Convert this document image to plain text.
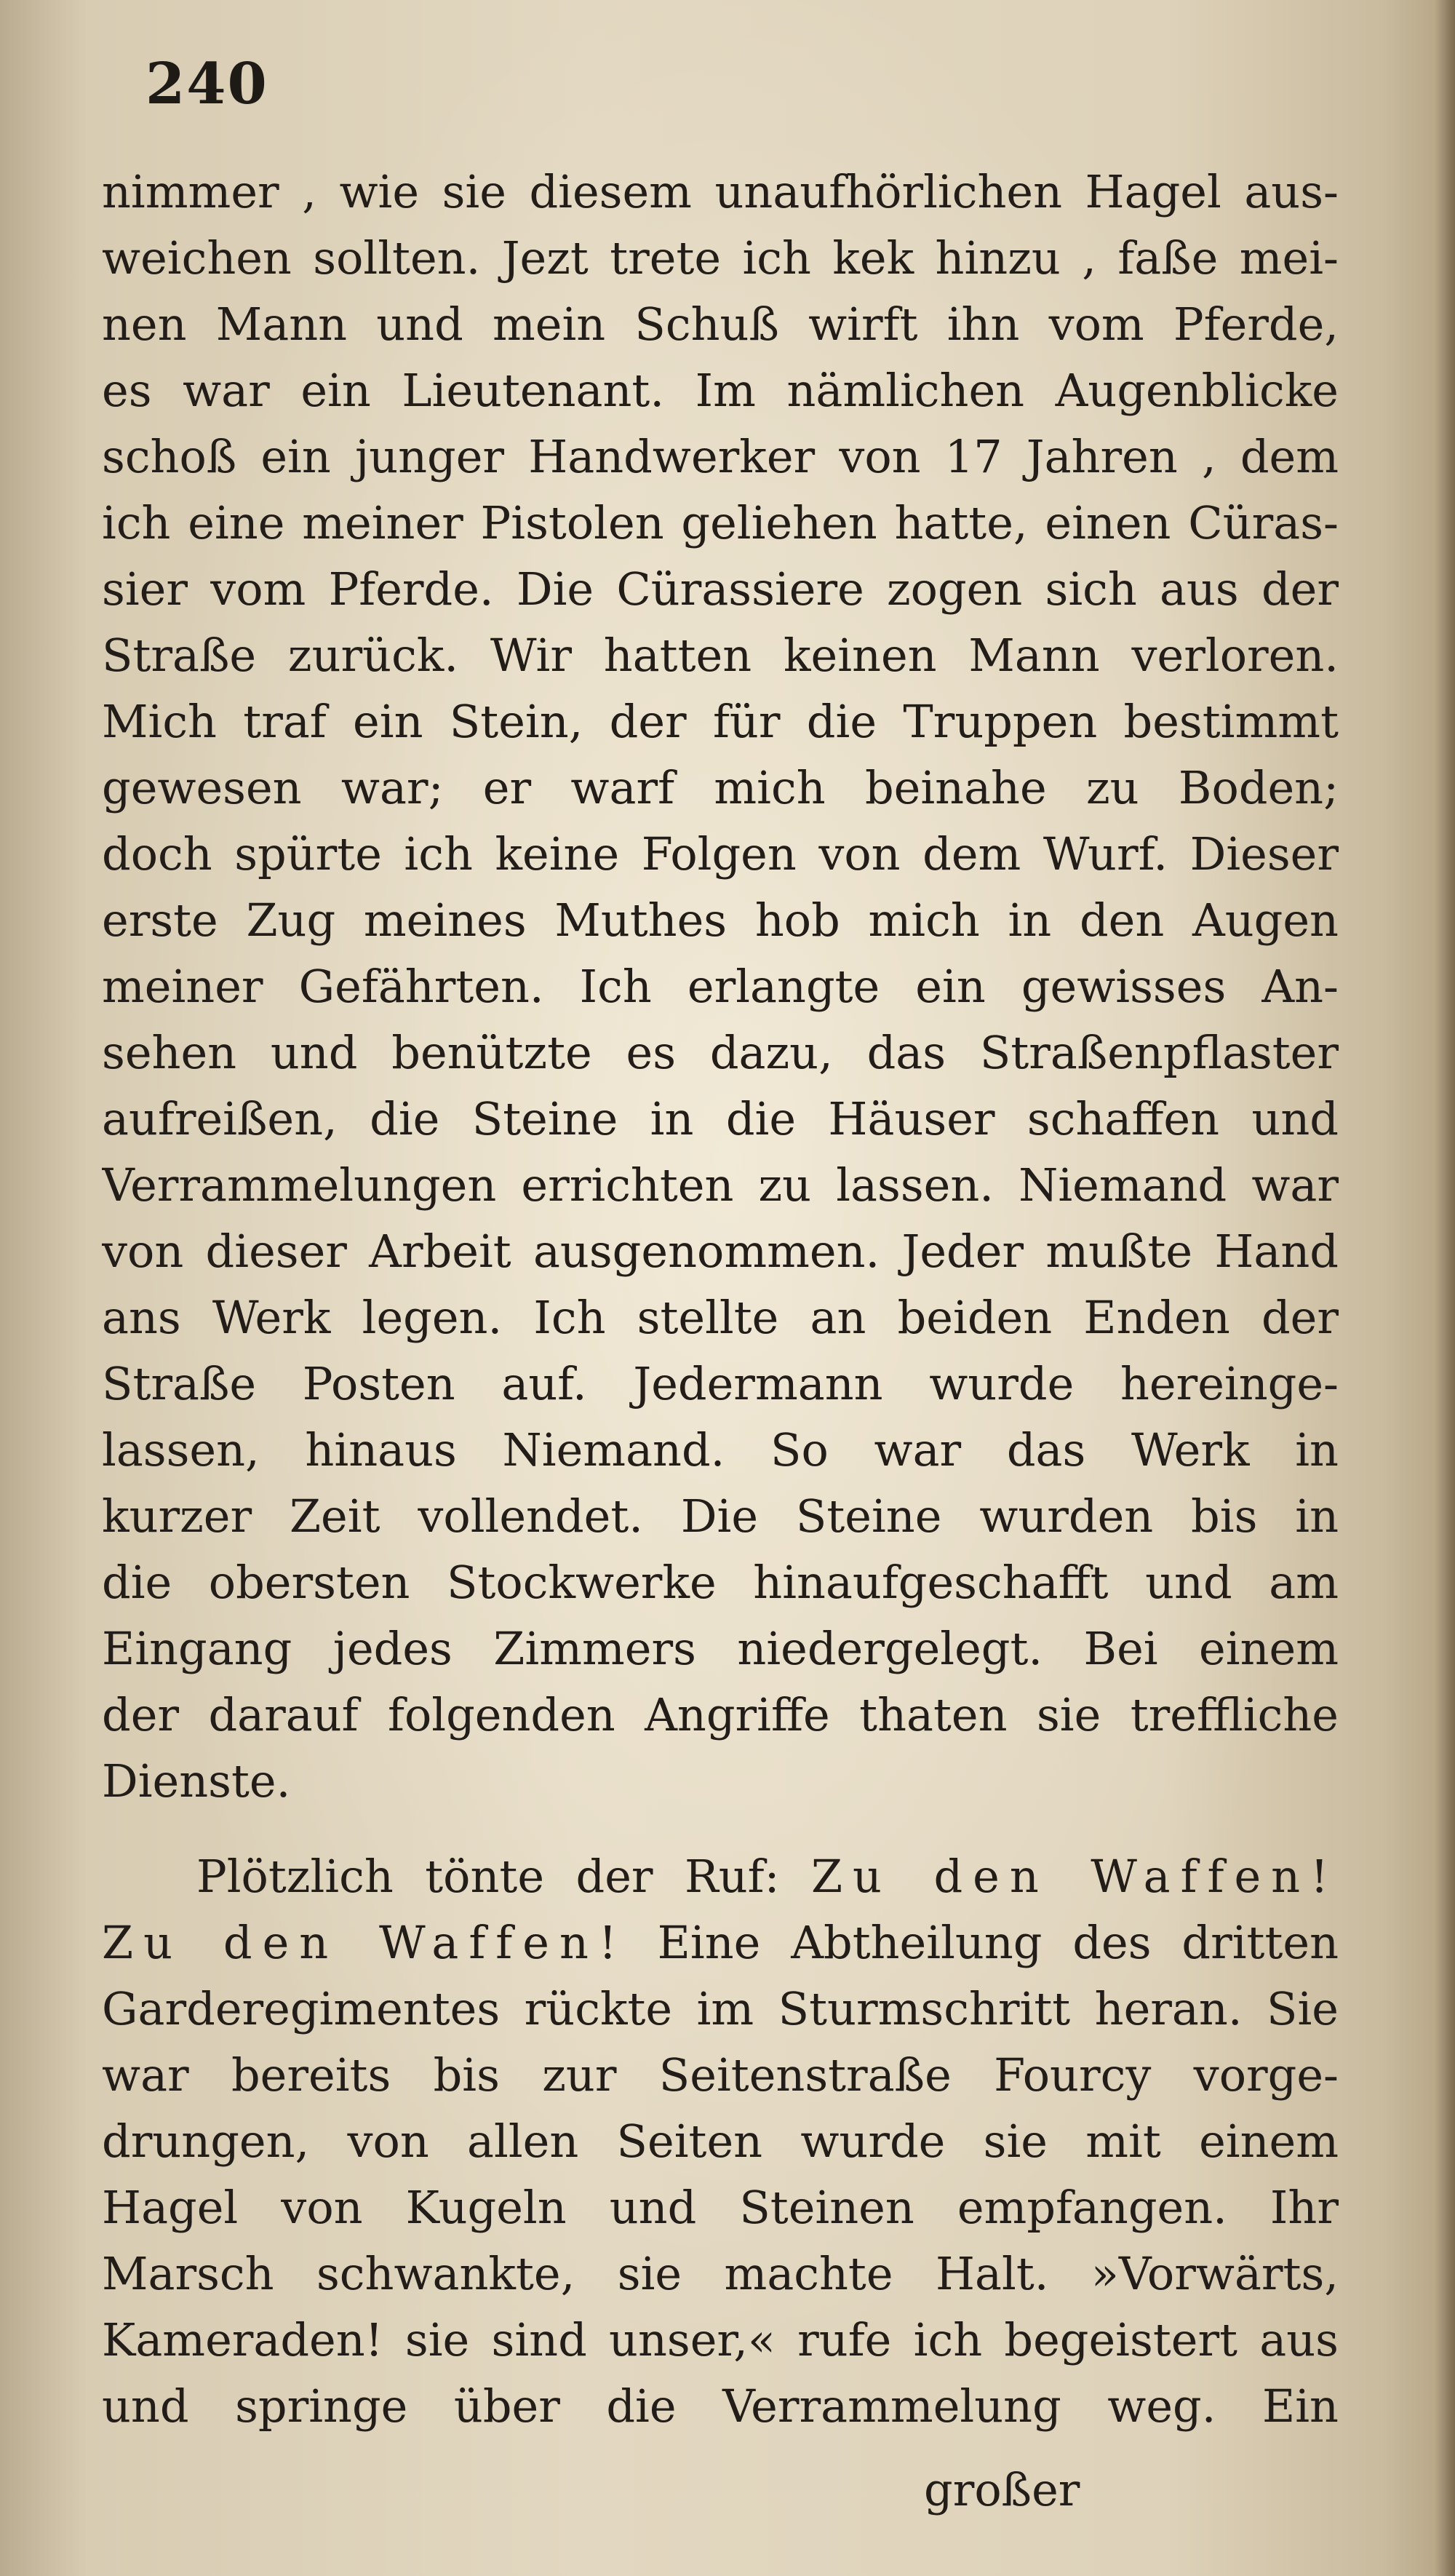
240
nimmer , wie sie diesem unaufhörlichen Hagel aus-
weichen sollten. Jezt trete ich kek hinzu , faße mei-
nen Mann und mein Schuß wirft ihn vom Pferde,
es war ein Lieutenant. Im nämlichen Augenblicke
schoß ein junger Handwerker von 17 Jahren , dem
ich eine meiner Pistolen geliehen hatte, einen Cüras-
sier vom Pferde. Die Cürassiere zogen sich aus der
Straße zurück. Wir hatten keinen Mann verloren.
Mich traf ein Stein, der für die Truppen bestimmt
gewesen war; er warf mich beinahe zu Boden;
doch spürte ich keine Folgen von dem Wurf. Dieser
erste Zug meines Muthes hob mich in den Augen
meiner Gefährten. Ich erlangte ein gewisses An-
sehen und benützte es dazu, das Straßenpflaster
aufreißen, die Steine in die Häuser schaffen und
Verrammelungen errichten zu lassen. Niemand war
von dieser Arbeit ausgenommen. Jeder mußte Hand
ans Werk legen. Ich stellte an beiden Enden der
Straße Posten auf. Jedermann wurde hereinge-
lassen, hinaus Niemand. So war das Werk in
kurzer Zeit vollendet. Die Steine wurden bis in
die obersten Stockwerke hinaufgeschafft und am
Eingang jedes Zimmers niedergelegt. Bei einem
der darauf folgenden Angriffe thaten sie treffliche
Dienste.
Plötzlich tönte der Ruf: Zu den Waffen!
Zu den Waffen! Eine Abtheilung des dritten
Garderegimentes rückte im Sturmschritt heran. Sie
war bereits bis zur Seitenstraße Fourcy vorge-
drungen, von allen Seiten wurde sie mit einem
Hagel von Kugeln und Steinen empfangen. Ihr
Marsch schwankte, sie machte Halt. »Vorwärts,
Kameraden! sie sind unser,« rufe ich begeistert aus
und springe über die Verrammelung weg. Ein
großer
